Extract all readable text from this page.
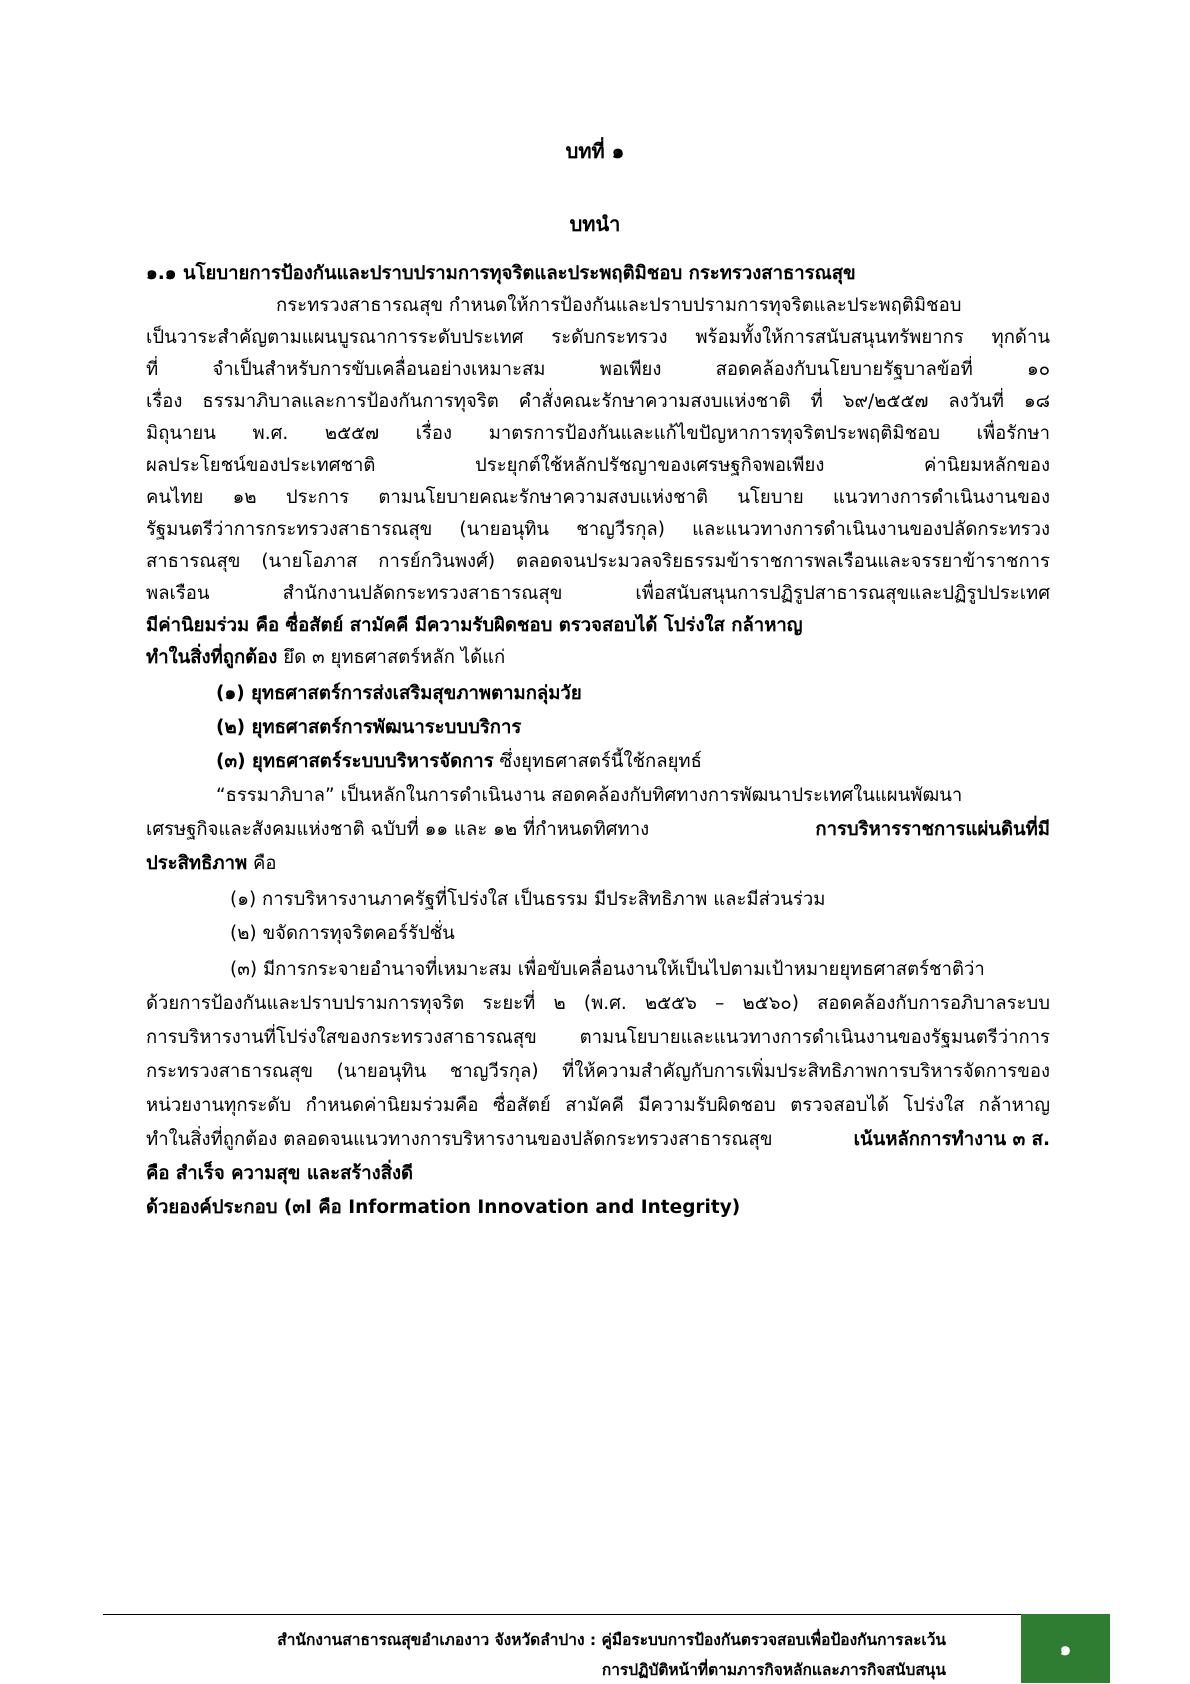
บทที่ ๑
บทนำ
๑.๑ นโยบายการป้องกันและปราบปรามการทุจริตและประพฤติมิชอบ กระทรวงสาธารณสุข
กระทรวงสาธารณสุข กำหนดให้การป้องกันและปราบปรามการทุจริตและประพฤติมิชอบ
เป็นวาระสำคัญตามแผนบูรณาการระดับประเทศ ระดับกระทรวง พร้อมทั้งให้การสนับสนุนทรัพยากร ทุกด้าน
ที่ จำเป็นสำหรับการขับเคลื่อนอย่างเหมาะสม พอเพียง สอดคล้องกับนโยบายรัฐบาลข้อที่ ๑๐
เรื่อง ธรรมาภิบาลและการป้องกันการทุจริต คำสั่งคณะรักษาความสงบแห่งชาติ ที่ ๖๙/๒๕๕๗ ลงวันที่ ๑๘
มิถุนายน พ.ศ. ๒๕๕๗ เรื่อง มาตรการป้องกันและแก้ไขปัญหาการทุจริตประพฤติมิชอบ เพื่อรักษา
ผลประโยชน์ของประเทศชาติ ประยุกต์ใช้หลักปรัชญาของเศรษฐกิจพอเพียง ค่านิยมหลักของ
คนไทย ๑๒ ประการ ตามนโยบายคณะรักษาความสงบแห่งชาติ นโยบาย แนวทางการดำเนินงานของ
รัฐมนตรีว่าการกระทรวงสาธารณสุข (นายอนุทิน ชาญวีรกุล) และแนวทางการดำเนินงานของปลัดกระทรวง
สาธารณสุข (นายโอภาส การย์กวินพงศ์) ตลอดจนประมวลจริยธรรมข้าราชการพลเรือนและจรรยาข้าราชการ
พลเรือน สำนักงานปลัดกระทรวงสาธารณสุข เพื่อสนับสนุนการปฏิรูปสาธารณสุขและปฏิรูปประเทศ
มีค่านิยมร่วม คือ ซื่อสัตย์ สามัคคี มีความรับผิดชอบ ตรวจสอบได้ โปร่งใส กล้าหาญ
ทำในสิ่งที่ถูกต้อง ยึด ๓ ยุทธศาสตร์หลัก ได้แก่
(๑) ยุทธศาสตร์การส่งเสริมสุขภาพตามกลุ่มวัย
(๒) ยุทธศาสตร์การพัฒนาระบบบริการ
(๓) ยุทธศาสตร์ระบบบริหารจัดการ ซึ่งยุทธศาสตร์นี้ใช้กลยุทธ์
“ธรรมาภิบาล” เป็นหลักในการดำเนินงาน สอดคล้องกับทิศทางการพัฒนาประเทศในแผนพัฒนา
เศรษฐกิจและสังคมแห่งชาติ ฉบับที่ ๑๑ และ ๑๒ ที่กำหนดทิศทาง	การบริหารราชการแผ่นดินที่มี
ประสิทธิภาพ คือ
(๑) การบริหารงานภาครัฐที่โปร่งใส เป็นธรรม มีประสิทธิภาพ และมีส่วนร่วม
(๒) ขจัดการทุจริตคอร์รัปชั่น
(๓) มีการกระจายอำนาจที่เหมาะสม เพื่อขับเคลื่อนงานให้เป็นไปตามเป้าหมายยุทธศาสตร์ชาติว่า
ด้วยการป้องกันและปราบปรามการทุจริต ระยะที่ ๒ (พ.ศ. ๒๕๕๖ – ๒๕๖๐) สอดคล้องกับการอภิบาลระบบ
การบริหารงานที่โปร่งใสของกระทรวงสาธารณสุข ตามนโยบายและแนวทางการดำเนินงานของรัฐมนตรีว่าการ
กระทรวงสาธารณสุข (นายอนุทิน ชาญวีรกุล) ที่ให้ความสำคัญกับการเพิ่มประสิทธิภาพการบริหารจัดการของ
หน่วยงานทุกระดับ กำหนดค่านิยมร่วมคือ ซื่อสัตย์ สามัคคี มีความรับผิดชอบ ตรวจสอบได้ โปร่งใส กล้าหาญ
ทำในสิ่งที่ถูกต้อง ตลอดจนแนวทางการบริหารงานของปลัดกระทรวงสาธารณสุข	เน้นหลักการทำงาน ๓ ส.
คือ สำเร็จ ความสุข และสร้างสิ่งดี
ด้วยองค์ประกอบ (๓I คือ Information Innovation and Integrity)
สำนักงานสาธารณสุขอำเภองาว จังหวัดลำปาง : คู่มือระบบการป้องกันตรวจสอบเพื่อป้องกันการละเว้น
การปฏิบัติหน้าที่ตามภารกิจหลักและภารกิจสนับสนุน
๑
